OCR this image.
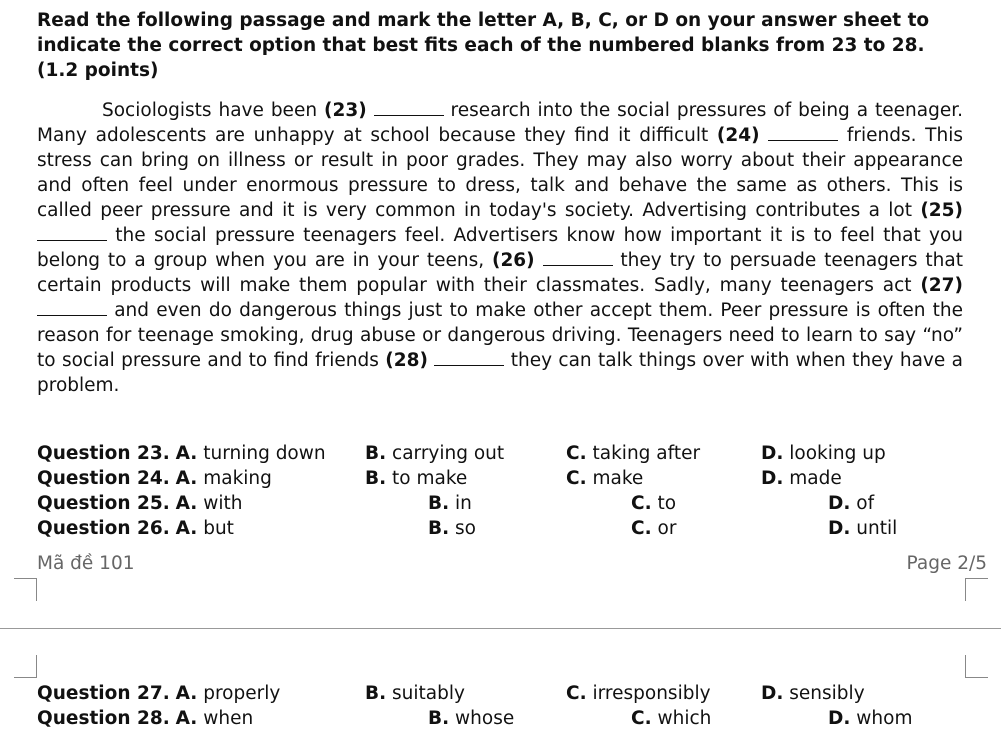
Read the following passage and mark the letter A, B, C, or D on your answer sheet to indicate the correct option that best fits each of the numbered blanks from 23 to 28. (1.2 points)
Sociologists have been (23)	research into the social pressures of being a teenager. Many adolescents are unhappy at school because they find it difficult (24)	friends. This stress can bring on illness or result in poor grades. They may also worry about their appearance and often feel under enormous pressure to dress, talk and behave the same as others. This is called peer pressure and it is very common in today's society. Advertising contributes a lot (25)  the social pressure teenagers feel. Advertisers know how important it is to feel that you belong to a group when you are in your teens, (26)	they try to persuade teenagers that certain products will make them popular with their classmates. Sadly, many teenagers act (27)  and even do dangerous things just to make other accept them. Peer pressure is often the reason for teenage smoking, drug abuse or dangerous driving. Teenagers need to learn to say “no” to social pressure and to find friends (28)	they can talk things over with when they have a problem.
Question 23. A. turning down B. carrying out	C. taking after	D. looking up
Question 24. A. making	B. to make	C. make	D. made
Question 25. A. with	B. in	C. to	D. of
Question 26. A. but	B. so	C. or	D. until
Mã đề 101	Page 2/5
Question 27. A. properly	B. suitably	C. irresponsibly	D. sensibly
Question 28. A. when	B. whose	C. which	D. whom
